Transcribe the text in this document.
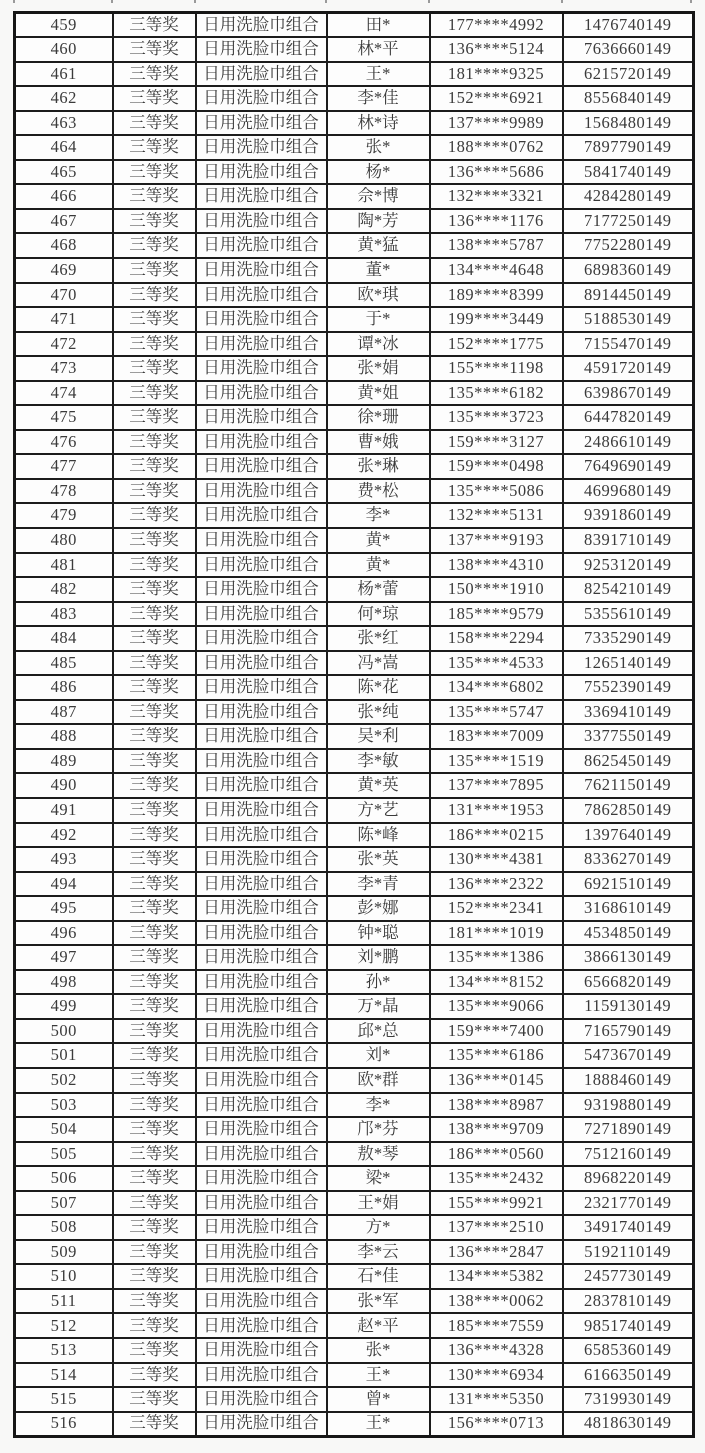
459	三等奖	日用洗脸巾组合	田*	177****4992	1476740149
460	三等奖	日用洗脸巾组合	林*平	136****5124	7636660149
461	三等奖	日用洗脸巾组合	王*	181****9325	6215720149
462	三等奖	日用洗脸巾组合	李*佳	152****6921	8556840149
463	三等奖	日用洗脸巾组合	林*诗	137****9989	1568480149
464	三等奖	日用洗脸巾组合	张*	188****0762	7897790149
465	三等奖	日用洗脸巾组合	杨*	136****5686	5841740149
466	三等奖	日用洗脸巾组合	佘*博	132****3321	4284280149
467	三等奖	日用洗脸巾组合	陶*芳	136****1176	7177250149
468	三等奖	日用洗脸巾组合	黄*猛	138****5787	7752280149
469	三等奖	日用洗脸巾组合	董*	134****4648	6898360149
470	三等奖	日用洗脸巾组合	欧*琪	189****8399	8914450149
471	三等奖	日用洗脸巾组合	于*	199****3449	5188530149
472	三等奖	日用洗脸巾组合	谭*冰	152****1775	7155470149
473	三等奖	日用洗脸巾组合	张*娟	155****1198	4591720149
474	三等奖	日用洗脸巾组合	黄*姐	135****6182	6398670149
475	三等奖	日用洗脸巾组合	徐*珊	135****3723	6447820149
476	三等奖	日用洗脸巾组合	曹*娥	159****3127	2486610149
477	三等奖	日用洗脸巾组合	张*琳	159****0498	7649690149
478	三等奖	日用洗脸巾组合	费*松	135****5086	4699680149
479	三等奖	日用洗脸巾组合	李*	132****5131	9391860149
480	三等奖	日用洗脸巾组合	黄*	137****9193	8391710149
481	三等奖	日用洗脸巾组合	黄*	138****4310	9253120149
482	三等奖	日用洗脸巾组合	杨*蕾	150****1910	8254210149
483	三等奖	日用洗脸巾组合	何*琼	185****9579	5355610149
484	三等奖	日用洗脸巾组合	张*红	158****2294	7335290149
485	三等奖	日用洗脸巾组合	冯*嵩	135****4533	1265140149
486	三等奖	日用洗脸巾组合	陈*花	134****6802	7552390149
487	三等奖	日用洗脸巾组合	张*纯	135****5747	3369410149
488	三等奖	日用洗脸巾组合	吴*利	183****7009	3377550149
489	三等奖	日用洗脸巾组合	李*敏	135****1519	8625450149
490	三等奖	日用洗脸巾组合	黄*英	137****7895	7621150149
491	三等奖	日用洗脸巾组合	方*艺	131****1953	7862850149
492	三等奖	日用洗脸巾组合	陈*峰	186****0215	1397640149
493	三等奖	日用洗脸巾组合	张*英	130****4381	8336270149
494	三等奖	日用洗脸巾组合	李*青	136****2322	6921510149
495	三等奖	日用洗脸巾组合	彭*娜	152****2341	3168610149
496	三等奖	日用洗脸巾组合	钟*聪	181****1019	4534850149
497	三等奖	日用洗脸巾组合	刘*鹏	135****1386	3866130149
498	三等奖	日用洗脸巾组合	孙*	134****8152	6566820149
499	三等奖	日用洗脸巾组合	万*晶	135****9066	1159130149
500	三等奖	日用洗脸巾组合	邱*总	159****7400	7165790149
501	三等奖	日用洗脸巾组合	刘*	135****6186	5473670149
502	三等奖	日用洗脸巾组合	欧*群	136****0145	1888460149
503	三等奖	日用洗脸巾组合	李*	138****8987	9319880149
504	三等奖	日用洗脸巾组合	邝*芬	138****9709	7271890149
505	三等奖	日用洗脸巾组合	敖*琴	186****0560	7512160149
506	三等奖	日用洗脸巾组合	梁*	135****2432	8968220149
507	三等奖	日用洗脸巾组合	王*娟	155****9921	2321770149
508	三等奖	日用洗脸巾组合	方*	137****2510	3491740149
509	三等奖	日用洗脸巾组合	李*云	136****2847	5192110149
510	三等奖	日用洗脸巾组合	石*佳	134****5382	2457730149
511	三等奖	日用洗脸巾组合	张*军	138****0062	2837810149
512	三等奖	日用洗脸巾组合	赵*平	185****7559	9851740149
513	三等奖	日用洗脸巾组合	张*	136****4328	6585360149
514	三等奖	日用洗脸巾组合	王*	130****6934	6166350149
515	三等奖	日用洗脸巾组合	曾*	131****5350	7319930149
516	三等奖	日用洗脸巾组合	王*	156****0713	4818630149
